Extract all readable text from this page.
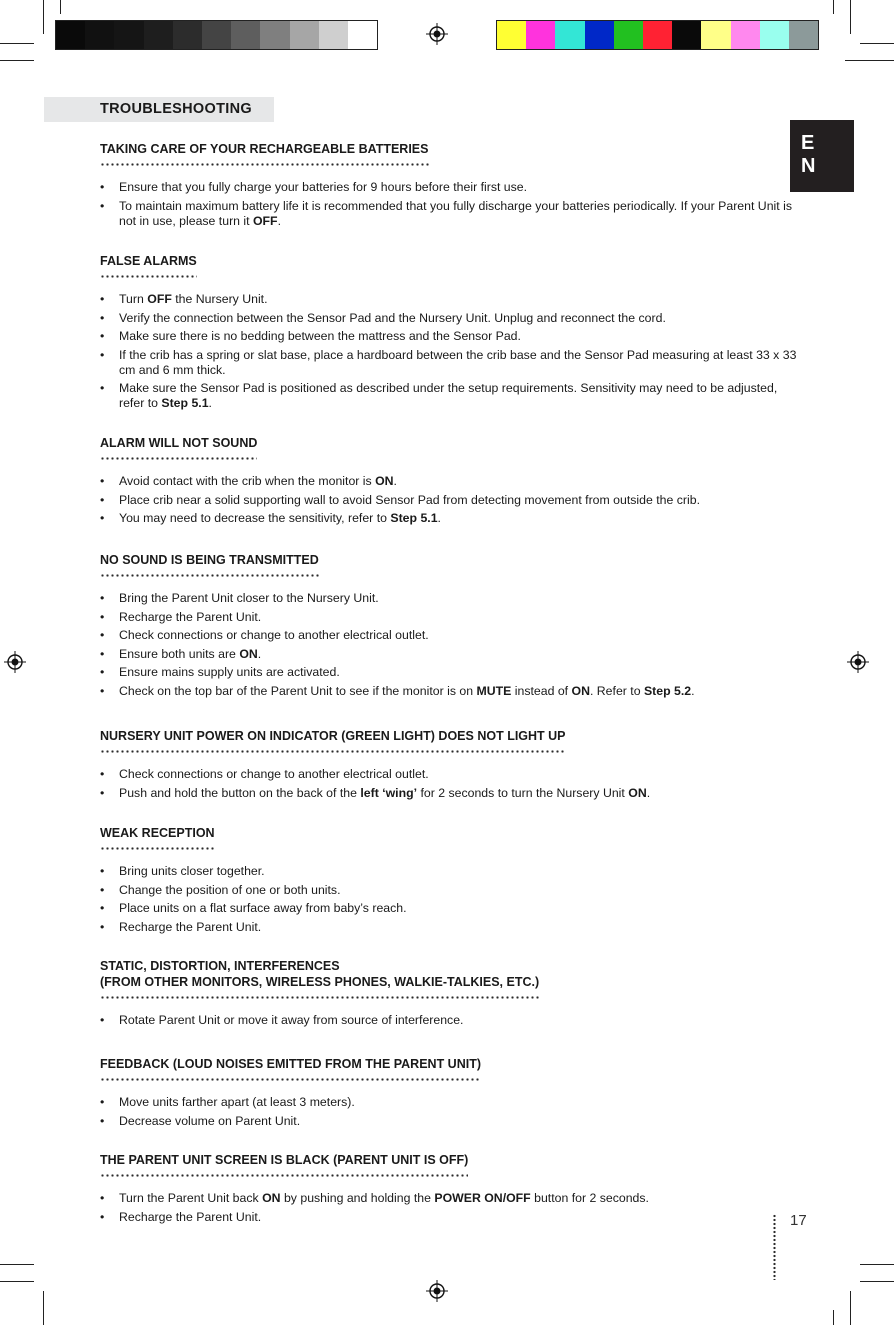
TROUBLESHOOTING
E
N
TAKING CARE OF YOUR RECHARGEABLE BATTERIES
• Ensure that you fully charge your batteries for 9 hours before their first use.
• To maintain maximum battery life it is recommended that you fully discharge your batteries periodically. If your Parent Unit is not in use, please turn it OFF.
FALSE ALARMS
• Turn OFF the Nursery Unit.
• Verify the connection between the Sensor Pad and the Nursery Unit. Unplug and reconnect the cord.
• Make sure there is no bedding between the mattress and the Sensor Pad.
• If the crib has a spring or slat base, place a hardboard between the crib base and the Sensor Pad measuring at least 33 x 33 cm and 6 mm thick.
• Make sure the Sensor Pad is positioned as described under the setup requirements. Sensitivity may need to be adjusted, refer to Step 5.1.
ALARM WILL NOT SOUND
• Avoid contact with the crib when the monitor is ON.
• Place crib near a solid supporting wall to avoid Sensor Pad from detecting movement from outside the crib.
• You may need to decrease the sensitivity, refer to Step 5.1.
NO SOUND IS BEING TRANSMITTED
• Bring the Parent Unit closer to the Nursery Unit.
• Recharge the Parent Unit.
• Check connections or change to another electrical outlet.
• Ensure both units are ON.
• Ensure mains supply units are activated.
• Check on the top bar of the Parent Unit to see if the monitor is on MUTE instead of ON. Refer to Step 5.2.
NURSERY UNIT POWER ON INDICATOR (GREEN LIGHT) DOES NOT LIGHT UP
• Check connections or change to another electrical outlet.
• Push and hold the button on the back of the left ‘wing’ for 2 seconds to turn the Nursery Unit ON.
WEAK RECEPTION
• Bring units closer together.
• Change the position of one or both units.
• Place units on a flat surface away from baby’s reach.
• Recharge the Parent Unit.
STATIC, DISTORTION, INTERFERENCES
(FROM OTHER MONITORS, WIRELESS PHONES, WALKIE-TALKIES, ETC.)
• Rotate Parent Unit or move it away from source of interference.
FEEDBACK (LOUD NOISES EMITTED FROM THE PARENT UNIT)
• Move units farther apart (at least 3 meters).
• Decrease volume on Parent Unit.
THE PARENT UNIT SCREEN IS BLACK (PARENT UNIT IS OFF)
• Turn the Parent Unit back ON by pushing and holding the POWER ON/OFF button for 2 seconds.
• Recharge the Parent Unit.	17
